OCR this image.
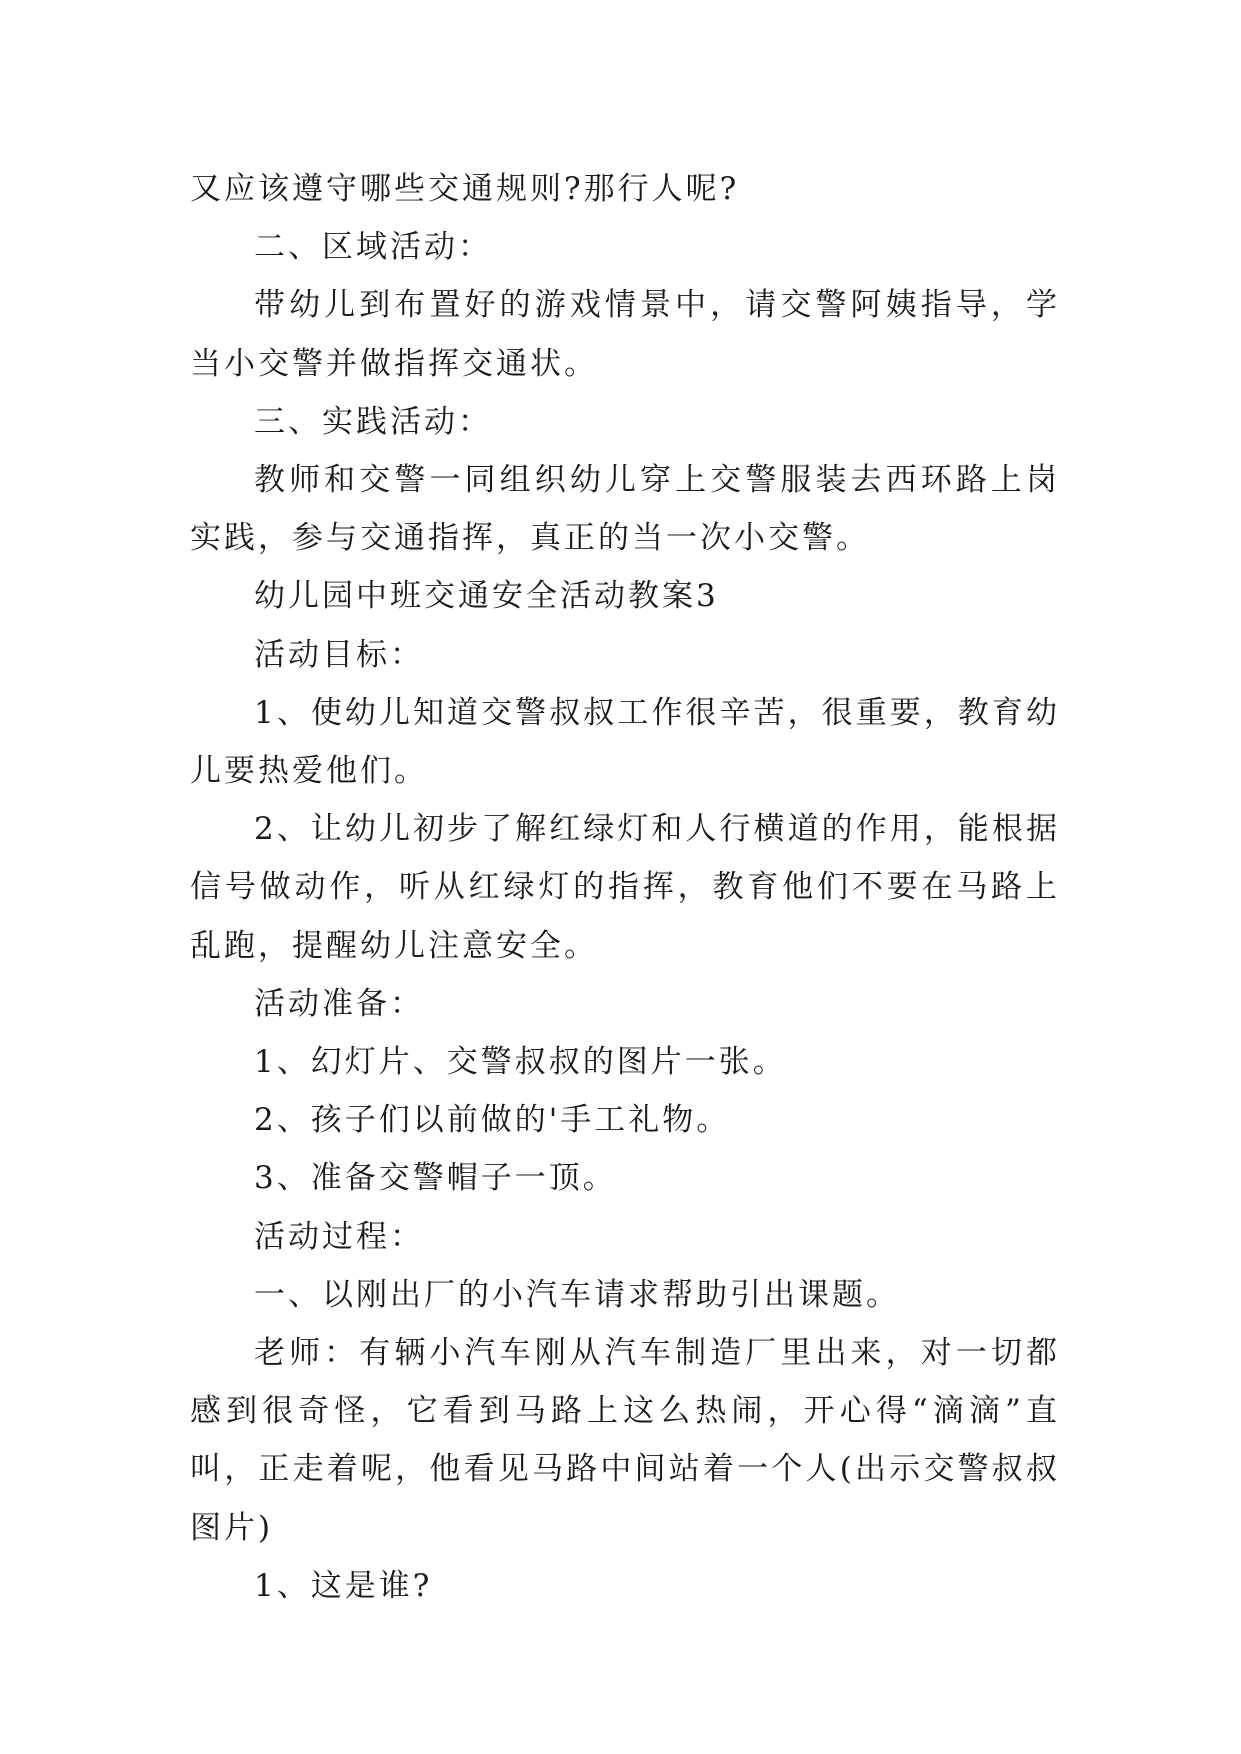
又应该遵守哪些交通规则?那行人呢?

二、区域活动：

带幼儿到布置好的游戏情景中，请交警阿姨指导，学当小交警并做指挥交通状。

三、实践活动：

教师和交警一同组织幼儿穿上交警服装去西环路上岗实践，参与交通指挥，真正的当一次小交警。

幼儿园中班交通安全活动教案3

活动目标：

1、使幼儿知道交警叔叔工作很辛苦，很重要，教育幼儿要热爱他们。

2、让幼儿初步了解红绿灯和人行横道的作用，能根据信号做动作，听从红绿灯的指挥，教育他们不要在马路上乱跑，提醒幼儿注意安全。

活动准备：

1、幻灯片、交警叔叔的图片一张。

2、孩子们以前做的'手工礼物。

3、准备交警帽子一顶。

活动过程：

一、以刚出厂的小汽车请求帮助引出课题。

老师：有辆小汽车刚从汽车制造厂里出来，对一切都感到很奇怪，它看到马路上这么热闹，开心得“滴滴”直叫，正走着呢，他看见马路中间站着一个人(出示交警叔叔图片)

1、这是谁?
